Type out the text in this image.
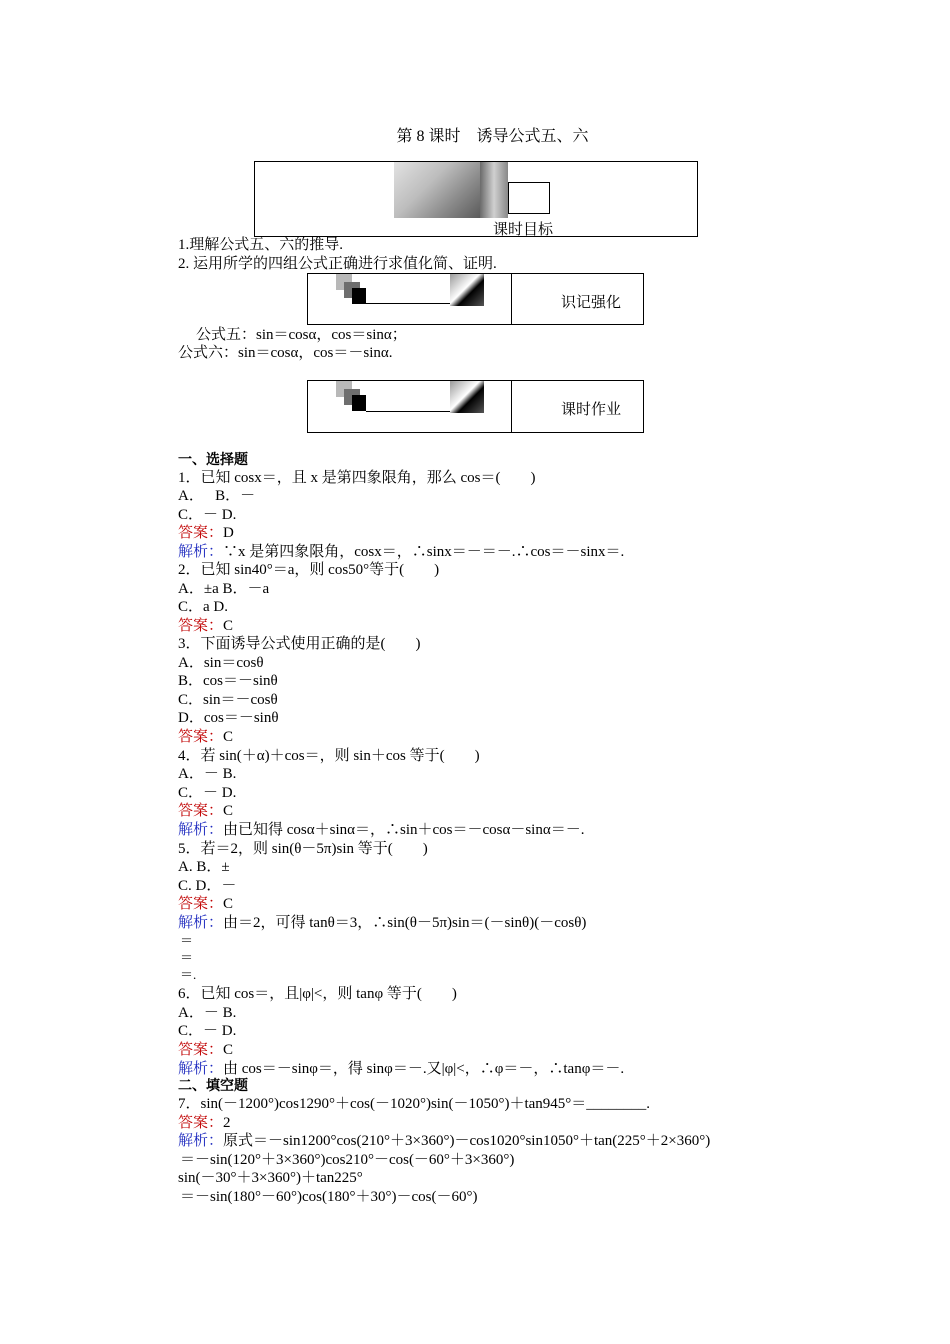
第 8 课时　诱导公式五、六
课时目标
1.理解公式五、六的推导.
2. 运用所学的四组公式正确进行求值化简、证明.
识记强化
公式五：sin＝cosα，cos＝sinα；
公式六：sin＝cosα，cos＝－sinα.
课时作业
一、选择题
1．已知 cosx＝，且 x 是第四象限角，那么 cos＝(　　)
A．　 B．－
C．－ D.
答案：D
解析：∵x 是第四象限角，cosx＝，∴sinx＝－＝－.∴cos＝－sinx＝.
2．已知 sin40°＝a，则 cos50°等于(　　)
A．±a B．－a
C．a D.
答案：C
3．下面诱导公式使用正确的是(　　)
A．sin＝cosθ
B．cos＝－sinθ
C．sin＝－cosθ
D．cos＝－sinθ
答案：C
4．若 sin(＋α)＋cos＝，则 sin＋cos 等于(　　)
A．－ B.
C．－ D.
答案：C
解析：由已知得 cosα＋sinα＝，∴sin＋cos＝－cosα－sinα＝－.
5．若＝2，则 sin(θ－5π)sin 等于(　　)
A. B．±
C. D．－
答案：C
解析：由＝2，可得 tanθ＝3，∴sin(θ－5π)sin＝(－sinθ)(－cosθ)
＝
＝
＝.
6．已知 cos＝，且|φ|<，则 tanφ 等于(　　)
A．－ B.
C．－ D.
答案：C
解析：由 cos＝－sinφ＝，得 sinφ＝－.又|φ|<，∴φ＝－，∴tanφ＝－.
二、填空题
7．sin(－1200°)cos1290°＋cos(－1020°)sin(－1050°)＋tan945°＝________.
答案：2
解析：原式＝－sin1200°cos(210°＋3×360°)－cos1020°sin1050°＋tan(225°＋2×360°)
＝－sin(120°＋3×360°)cos210°－cos(－60°＋3×360°)
sin(－30°＋3×360°)＋tan225°
＝－sin(180°－60°)cos(180°＋30°)－cos(－60°)
